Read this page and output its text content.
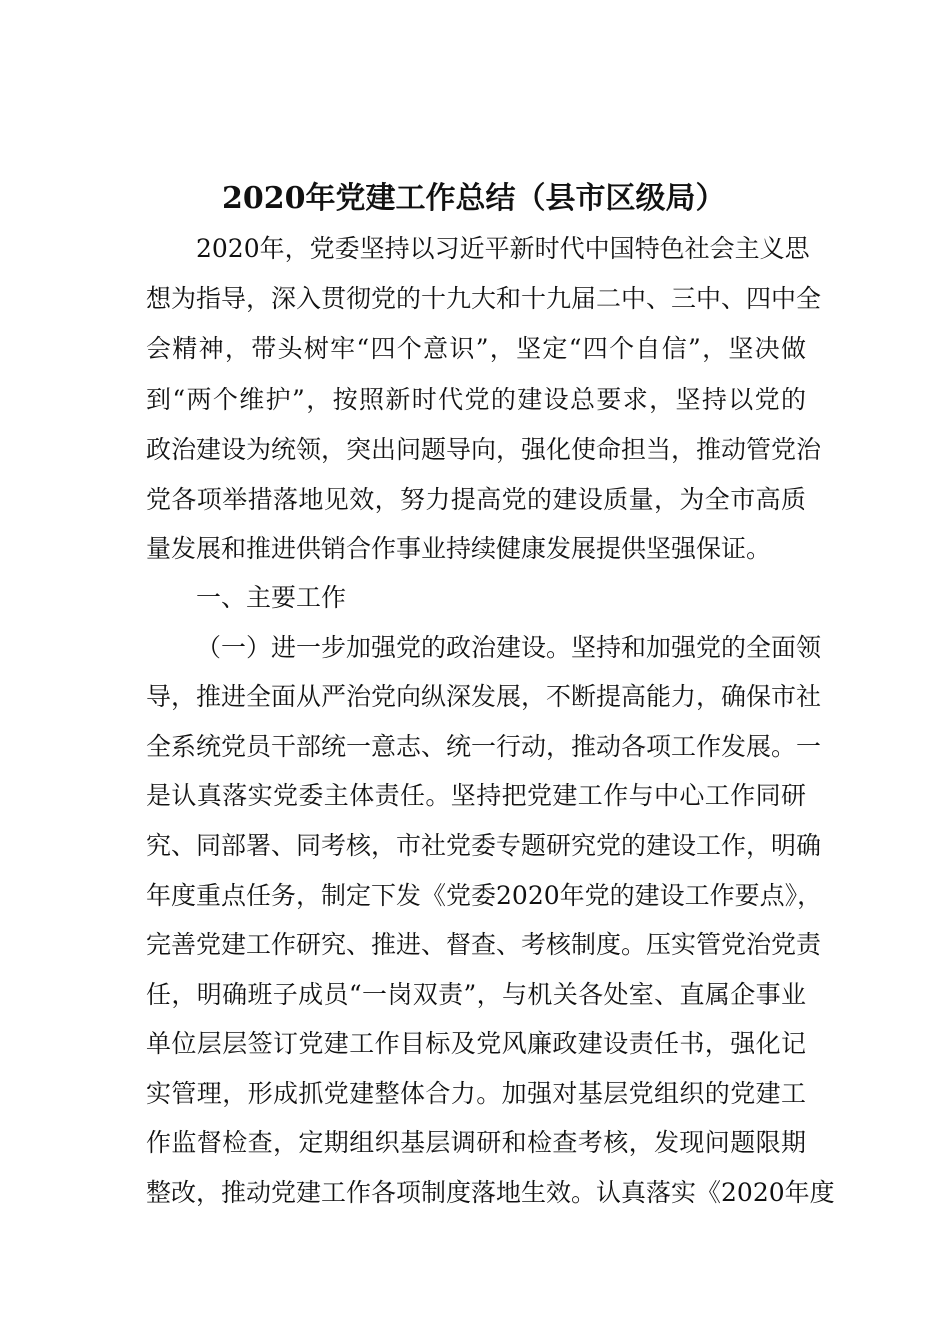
2020年党建工作总结（县市区级局）
2020年，党委坚持以习近平新时代中国特色社会主义思
想为指导，深入贯彻党的十九大和十九届二中、三中、四中全
会精神，带头树牢“四个意识”，坚定“四个自信”，坚决做
到“两个维护”，按照新时代党的建设总要求，坚持以党的
政治建设为统领，突出问题导向，强化使命担当，推动管党治
党各项举措落地见效，努力提高党的建设质量，为全市高质
量发展和推进供销合作事业持续健康发展提供坚强保证。
一、主要工作
（一）进一步加强党的政治建设。坚持和加强党的全面领
导，推进全面从严治党向纵深发展，不断提高能力，确保市社
全系统党员干部统一意志、统一行动，推动各项工作发展。一
是认真落实党委主体责任。坚持把党建工作与中心工作同研
究、同部署、同考核，市社党委专题研究党的建设工作，明确
年度重点任务，制定下发《党委2020年党的建设工作要点》，
完善党建工作研究、推进、督查、考核制度。压实管党治党责
任，明确班子成员“一岗双责”，与机关各处室、直属企事业
单位层层签订党建工作目标及党风廉政建设责任书，强化记
实管理，形成抓党建整体合力。加强对基层党组织的党建工
作监督检查，定期组织基层调研和检查考核，发现问题限期
整改，推动党建工作各项制度落地生效。认真落实《2020年度
